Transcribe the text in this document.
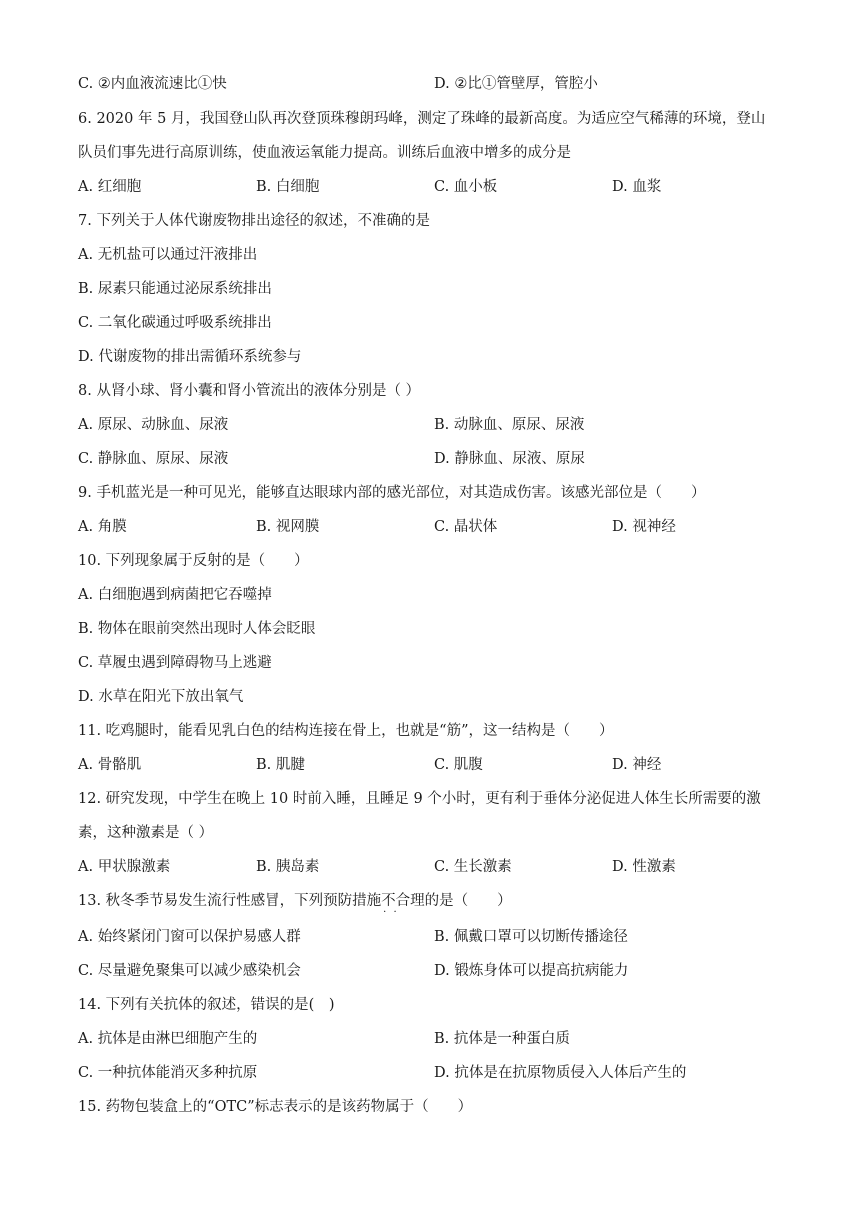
C. ②内血液流速比①快	D. ②比①管壁厚，管腔小
6. 2020 年 5 月，我国登山队再次登顶珠穆朗玛峰，测定了珠峰的最新高度。为适应空气稀薄的环境，登山
队员们事先进行高原训练，使血液运氧能力提高。训练后血液中增多的成分是
A. 红细胞	B. 白细胞	C. 血小板	D. 血浆
7. 下列关于人体代谢废物排出途径的叙述，不准确的是
A. 无机盐可以通过汗液排出
B. 尿素只能通过泌尿系统排出
C. 二氧化碳通过呼吸系统排出
D. 代谢废物的排出需循环系统参与
8. 从肾小球、肾小囊和肾小管流出的液体分别是（ ）
A. 原尿、动脉血、尿液	B. 动脉血、原尿、尿液
C. 静脉血、原尿、尿液	D. 静脉血、尿液、原尿
9. 手机蓝光是一种可见光，能够直达眼球内部的感光部位，对其造成伤害。该感光部位是（　　）
A. 角膜	B. 视网膜	C. 晶状体	D. 视神经
10. 下列现象属于反射的是（　　）
A. 白细胞遇到病菌把它吞噬掉
B. 物体在眼前突然出现时人体会眨眼
C. 草履虫遇到障碍物马上逃避
D. 水草在阳光下放出氧气
11. 吃鸡腿时，能看见乳白色的结构连接在骨上，也就是“筋”，这一结构是（　　）
A. 骨骼肌	B. 肌腱	C. 肌腹	D. 神经
12. 研究发现，中学生在晚上 10 时前入睡，且睡足 9 个小时，更有利于垂体分泌促进人体生长所需要的激
素，这种激素是（ ）
A. 甲状腺激素	B. 胰岛素	C. 生长激素	D. 性激素
13. 秋冬季节易发生流行性感冒，下列预防措施不合理 · ·的是（　　）
A. 始终紧闭门窗可以保护易感人群	B. 佩戴口罩可以切断传播途径
C. 尽量避免聚集可以减少感染机会	D. 锻炼身体可以提高抗病能力
14. 下列有关抗体的叙述，错误的是(　)
A. 抗体是由淋巴细胞产生的	B. 抗体是一种蛋白质
C. 一种抗体能消灭多种抗原	D. 抗体是在抗原物质侵入人体后产生的
15. 药物包装盒上的“OTC”标志表示的是该药物属于（　　）
